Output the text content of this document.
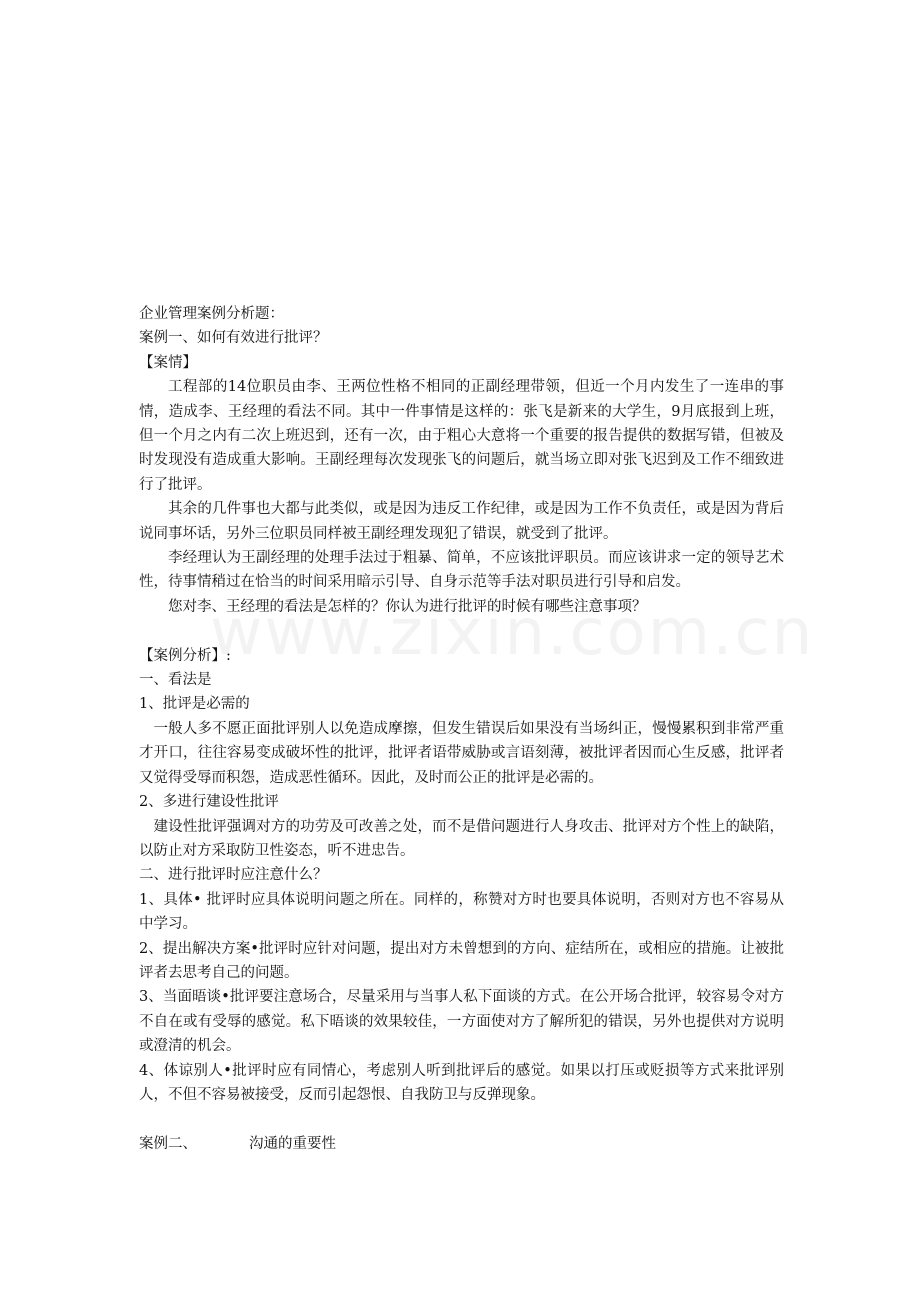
企业管理案例分析题：
案例一、如何有效进行批评？
【案情】
工程部的14位职员由李、王两位性格不相同的正副经理带领，但近一个月内发生了一连串的事情，造成李、王经理的看法不同。其中一件事情是这样的：张飞是新来的大学生，9月底报到上班，但一个月之内有二次上班迟到，还有一次，由于粗心大意将一个重要的报告提供的数据写错，但被及时发现没有造成重大影响。王副经理每次发现张飞的问题后，就当场立即对张飞迟到及工作不细致进行了批评。
其余的几件事也大都与此类似，或是因为违反工作纪律，或是因为工作不负责任，或是因为背后说同事坏话，另外三位职员同样被王副经理发现犯了错误，就受到了批评。
李经理认为王副经理的处理手法过于粗暴、简单，不应该批评职员。而应该讲求一定的领导艺术性，待事情稍过在恰当的时间采用暗示引导、自身示范等手法对职员进行引导和启发。
您对李、王经理的看法是怎样的？你认为进行批评的时候有哪些注意事项？
【案例分析】:
一、看法是
1、批评是必需的
一般人多不愿正面批评别人以免造成摩擦，但发生错误后如果没有当场纠正，慢慢累积到非常严重才开口，往往容易变成破坏性的批评，批评者语带威胁或言语刻薄，被批评者因而心生反感，批评者又觉得受辱而积怨，造成恶性循环。因此，及时而公正的批评是必需的。
2、多进行建设性批评
建设性批评强调对方的功劳及可改善之处，而不是借问题进行人身攻击、批评对方个性上的缺陷，以防止对方采取防卫性姿态，听不进忠告。
二、进行批评时应注意什么？
1、具体• 批评时应具体说明问题之所在。同样的，称赞对方时也要具体说明，否则对方也不容易从中学习。
2、提出解决方案•批评时应针对问题，提出对方未曾想到的方向、症结所在，或相应的措施。让被批评者去思考自己的问题。
3、当面晤谈•批评要注意场合，尽量采用与当事人私下面谈的方式。在公开场合批评，较容易令对方不自在或有受辱的感觉。私下晤谈的效果较佳，一方面使对方了解所犯的错误，另外也提供对方说明或澄清的机会。
4、体谅别人•批评时应有同情心，考虑别人听到批评后的感觉。如果以打压或贬损等方式来批评别人，不但不容易被接受，反而引起怨恨、自我防卫与反弹现象。
案例二、	沟通的重要性
